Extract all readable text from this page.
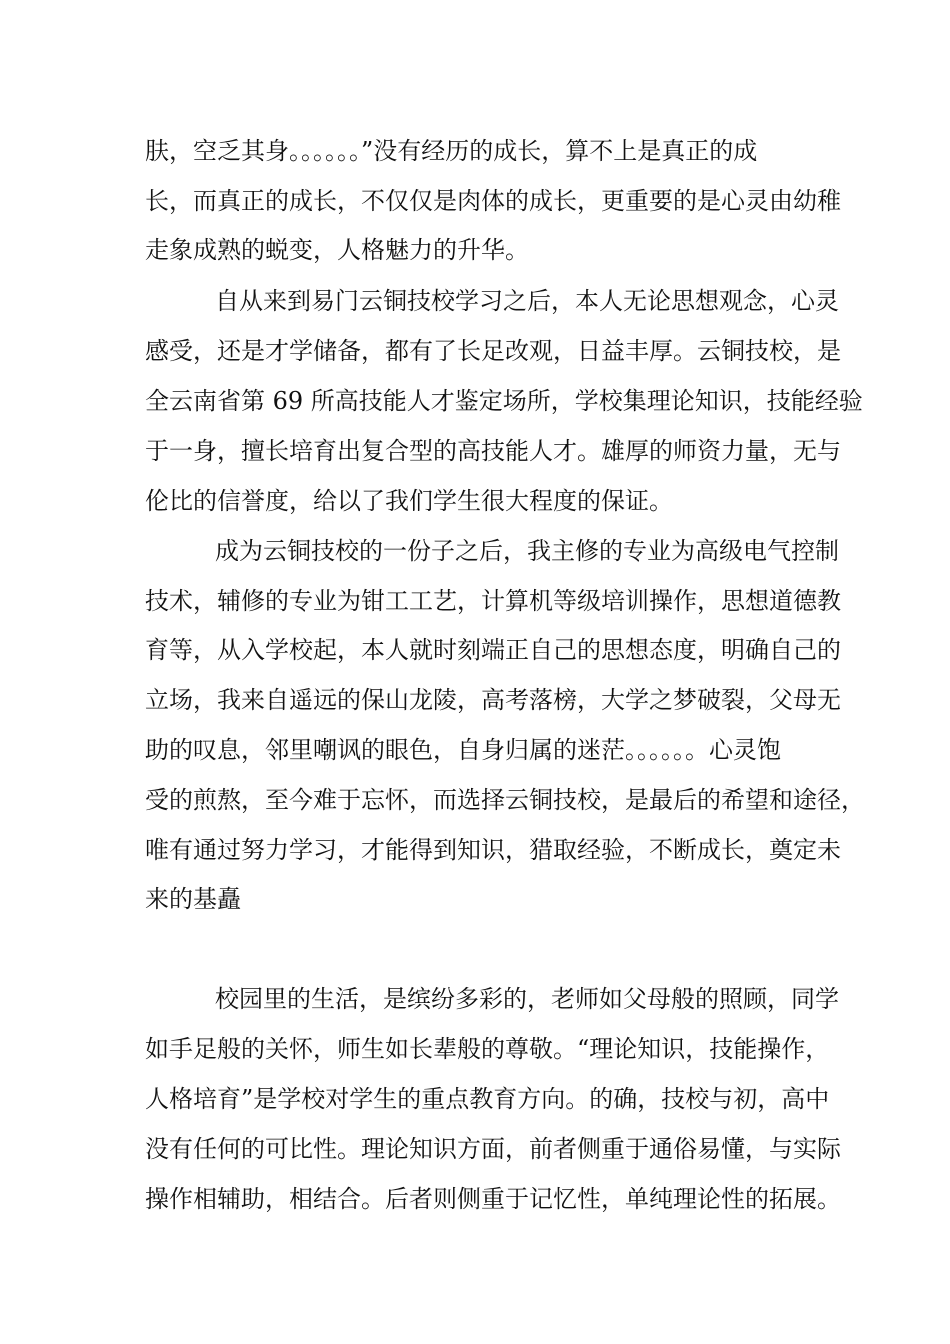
肤，空乏其身。。。。。。”没有经历的成长，算不上是真正的成
长，而真正的成长，不仅仅是肉体的成长，更重要的是心灵由幼稚
走象成熟的蜕变，人格魅力的升华。
自从来到易门云铜技校学习之后，本人无论思想观念，心灵
感受，还是才学储备，都有了长足改观，日益丰厚。云铜技校，是
全云南省第 69 所高技能人才鉴定场所，学校集理论知识，技能经验
于一身，擅长培育出复合型的高技能人才。雄厚的师资力量，无与
伦比的信誉度，给以了我们学生很大程度的保证。
成为云铜技校的一份子之后，我主修的专业为高级电气控制
技术，辅修的专业为钳工工艺，计算机等级培训操作，思想道德教
育等，从入学校起，本人就时刻端正自己的思想态度，明确自己的
立场，我来自遥远的保山龙陵，高考落榜，大学之梦破裂，父母无
助的叹息，邻里嘲讽的眼色，自身归属的迷茫。。。。。。心灵饱
受的煎熬，至今难于忘怀，而选择云铜技校，是最后的希望和途径，
唯有通过努力学习，才能得到知识，猎取经验，不断成长，奠定未
来的基矗
校园里的生活，是缤纷多彩的，老师如父母般的照顾，同学
如手足般的关怀，师生如长辈般的尊敬。“理论知识，技能操作，
人格培育”是学校对学生的重点教育方向。的确，技校与初，高中
没有任何的可比性。理论知识方面，前者侧重于通俗易懂，与实际
操作相辅助，相结合。后者则侧重于记忆性，单纯理论性的拓展。
